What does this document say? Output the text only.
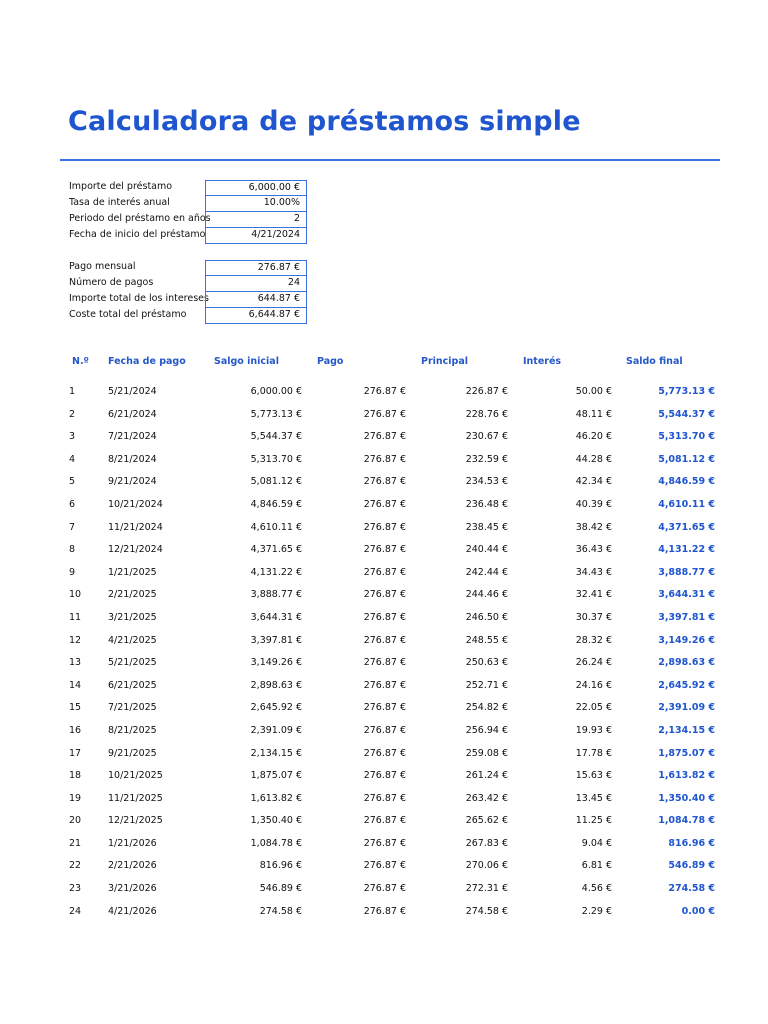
Calculadora de préstamos simple
Importe del préstamo	6,000.00 €
Tasa de interés anual	10.00%
Periodo del préstamo en años	2
Fecha de inicio del préstamo	4/21/2024
Pago mensual	276.87 €
Número de pagos	24
Importe total de los intereses	644.87 €
Coste total del préstamo	6,644.87 €
N.º Fecha de pago	Salgo inicial	Pago	Principal	Interés	Saldo final
1	5/21/2024	6,000.00 €	276.87 €	226.87 €	50.00 €	5,773.13 €
2	6/21/2024	5,773.13 €	276.87 €	228.76 €	48.11 €	5,544.37 €
3	7/21/2024	5,544.37 €	276.87 €	230.67 €	46.20 €	5,313.70 €
4	8/21/2024	5,313.70 €	276.87 €	232.59 €	44.28 €	5,081.12 €
5	9/21/2024	5,081.12 €	276.87 €	234.53 €	42.34 €	4,846.59 €
6	10/21/2024	4,846.59 €	276.87 €	236.48 €	40.39 €	4,610.11 €
7	11/21/2024	4,610.11 €	276.87 €	238.45 €	38.42 €	4,371.65 €
8	12/21/2024	4,371.65 €	276.87 €	240.44 €	36.43 €	4,131.22 €
9	1/21/2025	4,131.22 €	276.87 €	242.44 €	34.43 €	3,888.77 €
10	2/21/2025	3,888.77 €	276.87 €	244.46 €	32.41 €	3,644.31 €
11	3/21/2025	3,644.31 €	276.87 €	246.50 €	30.37 €	3,397.81 €
12	4/21/2025	3,397.81 €	276.87 €	248.55 €	28.32 €	3,149.26 €
13	5/21/2025	3,149.26 €	276.87 €	250.63 €	26.24 €	2,898.63 €
14	6/21/2025	2,898.63 €	276.87 €	252.71 €	24.16 €	2,645.92 €
15	7/21/2025	2,645.92 €	276.87 €	254.82 €	22.05 €	2,391.09 €
16	8/21/2025	2,391.09 €	276.87 €	256.94 €	19.93 €	2,134.15 €
17	9/21/2025	2,134.15 €	276.87 €	259.08 €	17.78 €	1,875.07 €
18	10/21/2025	1,875.07 €	276.87 €	261.24 €	15.63 €	1,613.82 €
19	11/21/2025	1,613.82 €	276.87 €	263.42 €	13.45 €	1,350.40 €
20	12/21/2025	1,350.40 €	276.87 €	265.62 €	11.25 €	1,084.78 €
21	1/21/2026	1,084.78 €	276.87 €	267.83 €	9.04 €	816.96 €
22	2/21/2026	816.96 €	276.87 €	270.06 €	6.81 €	546.89 €
23	3/21/2026	546.89 €	276.87 €	272.31 €	4.56 €	274.58 €
24	4/21/2026	274.58 €	276.87 €	274.58 €	2.29 €	0.00 €
